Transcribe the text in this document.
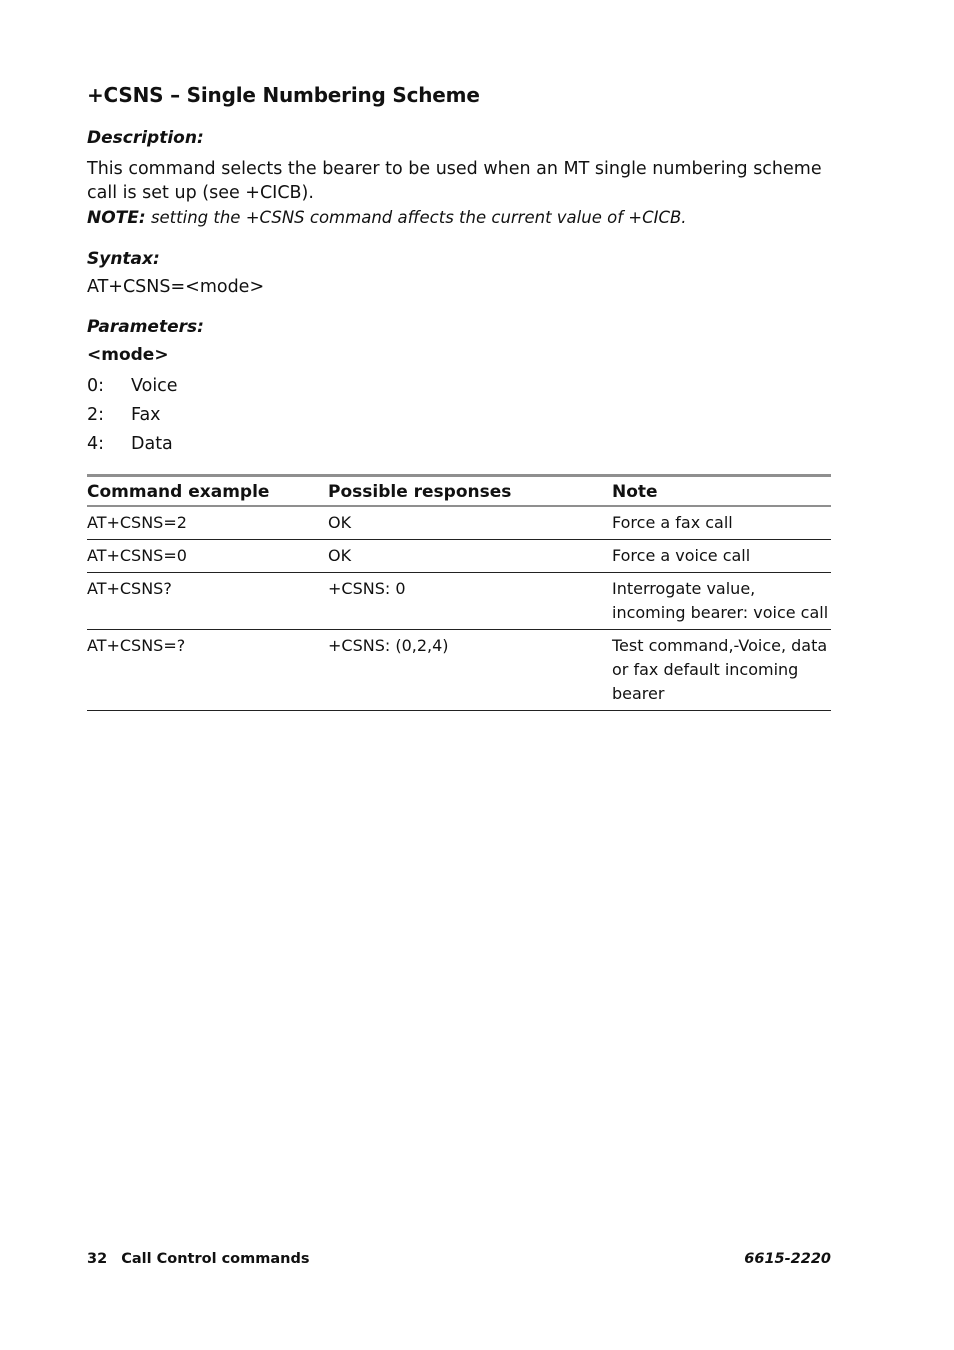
+CSNS – Single Numbering Scheme

Description:

This command selects the bearer to be used when an MT single numbering scheme call is set up (see +CICB).

NOTE: setting the +CSNS command affects the current value of +CICB.

Syntax:

AT+CSNS=<mode>

Parameters:

<mode>
0: Voice
2: Fax
4: Data
Command example	Possible responses	Note
AT+CSNS=2	OK	Force a fax call
AT+CSNS=0	OK	Force a voice call
AT+CSNS?	+CSNS: 0	Interrogate value, incoming bearer: voice call
AT+CSNS=?	+CSNS: (0,2,4)	Test command,-Voice, data or fax default incoming bearer
32 Call Control commands	6615-2220
